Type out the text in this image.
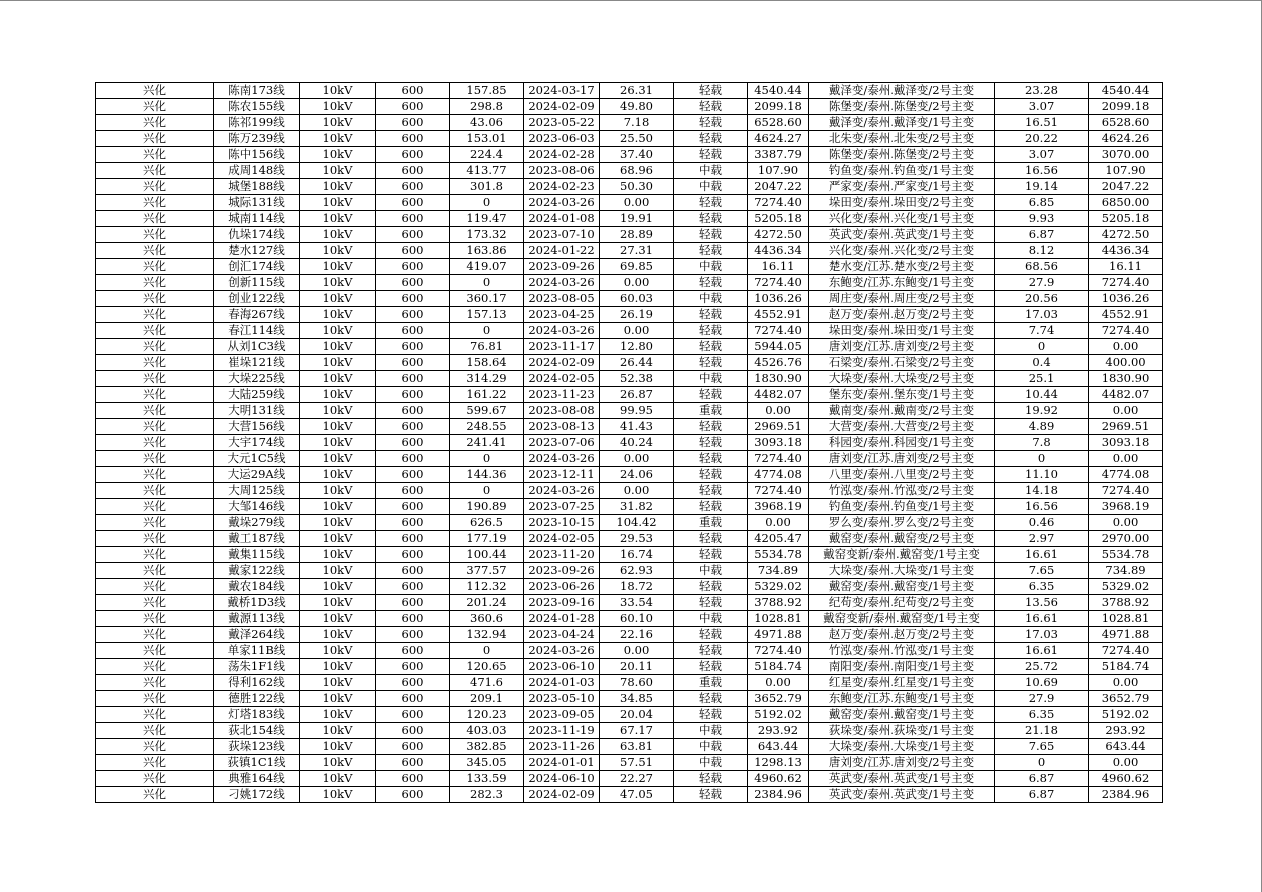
兴化	陈南173线	10kV	600	157.85	2024-03-17	26.31	轻载	4540.44	戴泽变/泰州.戴泽变/2号主变	23.28	4540.44
兴化	陈农155线	10kV	600	298.8	2024-02-09	49.80	轻载	2099.18	陈堡变/泰州.陈堡变/2号主变	3.07	2099.18
兴化	陈祁199线	10kV	600	43.06	2023-05-22	7.18	轻载	6528.60	戴泽变/泰州.戴泽变/1号主变	16.51	6528.60
兴化	陈万239线	10kV	600	153.01	2023-06-03	25.50	轻载	4624.27	北朱变/泰州.北朱变/2号主变	20.22	4624.26
兴化	陈中156线	10kV	600	224.4	2024-02-28	37.40	轻载	3387.79	陈堡变/泰州.陈堡变/2号主变	3.07	3070.00
兴化	成周148线	10kV	600	413.77	2023-08-06	68.96	中载	107.90	钓鱼变/泰州.钓鱼变/1号主变	16.56	107.90
兴化	城堡188线	10kV	600	301.8	2024-02-23	50.30	中载	2047.22	严家变/泰州.严家变/1号主变	19.14	2047.22
兴化	城际131线	10kV	600	0	2024-03-26	0.00	轻载	7274.40	垛田变/泰州.垛田变/2号主变	6.85	6850.00
兴化	城南114线	10kV	600	119.47	2024-01-08	19.91	轻载	5205.18	兴化变/泰州.兴化变/1号主变	9.93	5205.18
兴化	仇垛174线	10kV	600	173.32	2023-07-10	28.89	轻载	4272.50	英武变/泰州.英武变/1号主变	6.87	4272.50
兴化	楚水127线	10kV	600	163.86	2024-01-22	27.31	轻载	4436.34	兴化变/泰州.兴化变/2号主变	8.12	4436.34
兴化	创汇174线	10kV	600	419.07	2023-09-26	69.85	中载	16.11	楚水变/江苏.楚水变/2号主变	68.56	16.11
兴化	创新115线	10kV	600	0	2024-03-26	0.00	轻载	7274.40	东鲍变/江苏.东鲍变/1号主变	27.9	7274.40
兴化	创业122线	10kV	600	360.17	2023-08-05	60.03	中载	1036.26	周庄变/泰州.周庄变/2号主变	20.56	1036.26
兴化	春海267线	10kV	600	157.13	2023-04-25	26.19	轻载	4552.91	赵万变/泰州.赵万变/2号主变	17.03	4552.91
兴化	春江114线	10kV	600	0	2024-03-26	0.00	轻载	7274.40	垛田变/泰州.垛田变/1号主变	7.74	7274.40
兴化	从刘1C3线	10kV	600	76.81	2023-11-17	12.80	轻载	5944.05	唐刘变/江苏.唐刘变/2号主变	0	0.00
兴化	崔垛121线	10kV	600	158.64	2024-02-09	26.44	轻载	4526.76	石梁变/泰州.石梁变/2号主变	0.4	400.00
兴化	大垛225线	10kV	600	314.29	2024-02-05	52.38	中载	1830.90	大垛变/泰州.大垛变/2号主变	25.1	1830.90
兴化	大陆259线	10kV	600	161.22	2023-11-23	26.87	轻载	4482.07	堡东变/泰州.堡东变/1号主变	10.44	4482.07
兴化	大明131线	10kV	600	599.67	2023-08-08	99.95	重载	0.00	戴南变/泰州.戴南变/2号主变	19.92	0.00
兴化	大营156线	10kV	600	248.55	2023-08-13	41.43	轻载	2969.51	大营变/泰州.大营变/2号主变	4.89	2969.51
兴化	大宇174线	10kV	600	241.41	2023-07-06	40.24	轻载	3093.18	科园变/泰州.科园变/1号主变	7.8	3093.18
兴化	大元1C5线	10kV	600	0	2024-03-26	0.00	轻载	7274.40	唐刘变/江苏.唐刘变/2号主变	0	0.00
兴化	大运29A线	10kV	600	144.36	2023-12-11	24.06	轻载	4774.08	八里变/泰州.八里变/2号主变	11.10	4774.08
兴化	大周125线	10kV	600	0	2024-03-26	0.00	轻载	7274.40	竹泓变/泰州.竹泓变/2号主变	14.18	7274.40
兴化	大邹146线	10kV	600	190.89	2023-07-25	31.82	轻载	3968.19	钓鱼变/泰州.钓鱼变/1号主变	16.56	3968.19
兴化	戴垛279线	10kV	600	626.5	2023-10-15	104.42	重载	0.00	罗么变/泰州.罗么变/2号主变	0.46	0.00
兴化	戴工187线	10kV	600	177.19	2024-02-05	29.53	轻载	4205.47	戴窑变/泰州.戴窑变/2号主变	2.97	2970.00
兴化	戴集115线	10kV	600	100.44	2023-11-20	16.74	轻载	5534.78	戴窑变新/泰州.戴窑变/1号主变	16.61	5534.78
兴化	戴家122线	10kV	600	377.57	2023-09-26	62.93	中载	734.89	大垛变/泰州.大垛变/1号主变	7.65	734.89
兴化	戴农184线	10kV	600	112.32	2023-06-26	18.72	轻载	5329.02	戴窑变/泰州.戴窑变/1号主变	6.35	5329.02
兴化	戴桥1D3线	10kV	600	201.24	2023-09-16	33.54	轻载	3788.92	纪苟变/泰州.纪苟变/2号主变	13.56	3788.92
兴化	戴源113线	10kV	600	360.6	2024-01-28	60.10	中载	1028.81	戴窑变新/泰州.戴窑变/1号主变	16.61	1028.81
兴化	戴泽264线	10kV	600	132.94	2023-04-24	22.16	轻载	4971.88	赵万变/泰州.赵万变/2号主变	17.03	4971.88
兴化	单家11B线	10kV	600	0	2024-03-26	0.00	轻载	7274.40	竹泓变/泰州.竹泓变/1号主变	16.61	7274.40
兴化	荡朱1F1线	10kV	600	120.65	2023-06-10	20.11	轻载	5184.74	南阳变/泰州.南阳变/1号主变	25.72	5184.74
兴化	得利162线	10kV	600	471.6	2024-01-03	78.60	重载	0.00	红星变/泰州.红星变/1号主变	10.69	0.00
兴化	德胜122线	10kV	600	209.1	2023-05-10	34.85	轻载	3652.79	东鲍变/江苏.东鲍变/1号主变	27.9	3652.79
兴化	灯塔183线	10kV	600	120.23	2023-09-05	20.04	轻载	5192.02	戴窑变/泰州.戴窑变/1号主变	6.35	5192.02
兴化	荻北154线	10kV	600	403.03	2023-11-19	67.17	中载	293.92	荻垛变/泰州.荻垛变/1号主变	21.18	293.92
兴化	荻垛123线	10kV	600	382.85	2023-11-26	63.81	中载	643.44	大垛变/泰州.大垛变/1号主变	7.65	643.44
兴化	荻镇1C1线	10kV	600	345.05	2024-01-01	57.51	中载	1298.13	唐刘变/江苏.唐刘变/2号主变	0	0.00
兴化	典雅164线	10kV	600	133.59	2024-06-10	22.27	轻载	4960.62	英武变/泰州.英武变/1号主变	6.87	4960.62
兴化	刁姚172线	10kV	600	282.3	2024-02-09	47.05	轻载	2384.96	英武变/泰州.英武变/1号主变	6.87	2384.96
